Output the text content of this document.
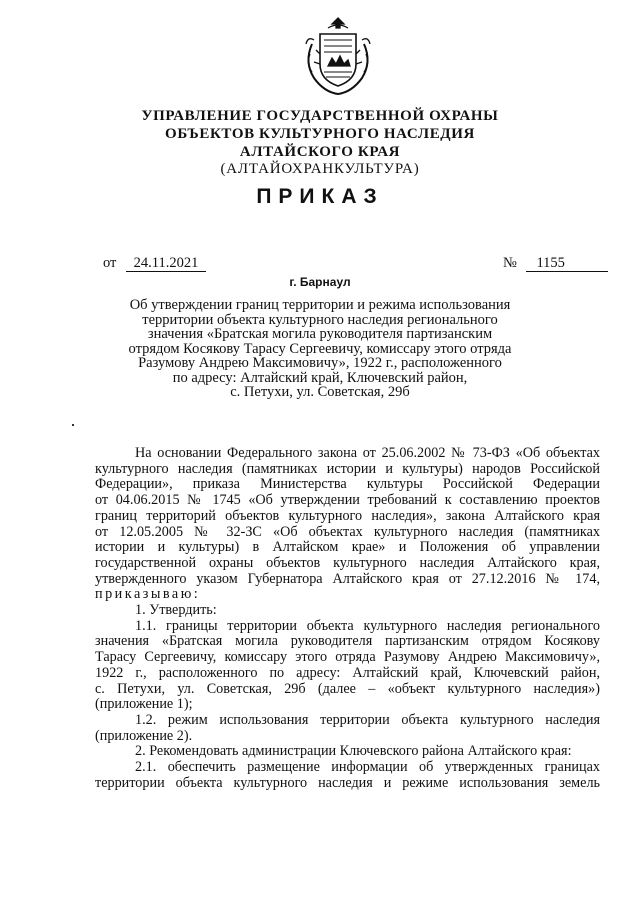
УПРАВЛЕНИЕ ГОСУДАРСТВЕННОЙ ОХРАНЫ
ОБЪЕКТОВ КУЛЬТУРНОГО НАСЛЕДИЯ
АЛТАЙСКОГО КРАЯ
(АЛТАЙОХРАНКУЛЬТУРА)
ПРИКАЗ
от 24.11.2021	№ 1155
г. Барнаул
Об утверждении границ территории и режима использования
территории объекта культурного наследия регионального
значения «Братская могила руководителя партизанским
отрядом Косякову Тарасу Сергеевичу, комиссару этого отряда
Разумову Андрею Максимовичу», 1922 г., расположенного
по адресу: Алтайский край, Ключевский район,
с. Петухи, ул. Советская, 29б
На основании Федерального закона от 25.06.2002 № 73-ФЗ «Об объектах
культурного наследия (памятниках истории и культуры) народов Российской
Федерации», приказа Министерства культуры Российской Федерации
от 04.06.2015 № 1745 «Об утверждении требований к составлению проектов
границ территорий объектов культурного наследия», закона Алтайского края
от 12.05.2005 № 32-ЗС «Об объектах культурного наследия (памятниках
истории и культуры) в Алтайском крае» и Положения об управлении
государственной охраны объектов культурного наследия Алтайского края,
утвержденного указом Губернатора Алтайского края от 27.12.2016 № 174,
приказываю:
1. Утвердить:
1.1. границы территории объекта культурного наследия регионального
значения «Братская могила руководителя партизанским отрядом Косякову
Тарасу Сергеевичу, комиссару этого отряда Разумову Андрею Максимовичу»,
1922 г., расположенного по адресу: Алтайский край, Ключевский район,
с. Петухи, ул. Советская, 29б (далее – «объект культурного наследия»)
(приложение 1);
1.2. режим использования территории объекта культурного наследия
(приложение 2).
2. Рекомендовать администрации Ключевского района Алтайского края:
2.1. обеспечить размещение информации об утвержденных границах
территории объекта культурного наследия и режиме использования земель
